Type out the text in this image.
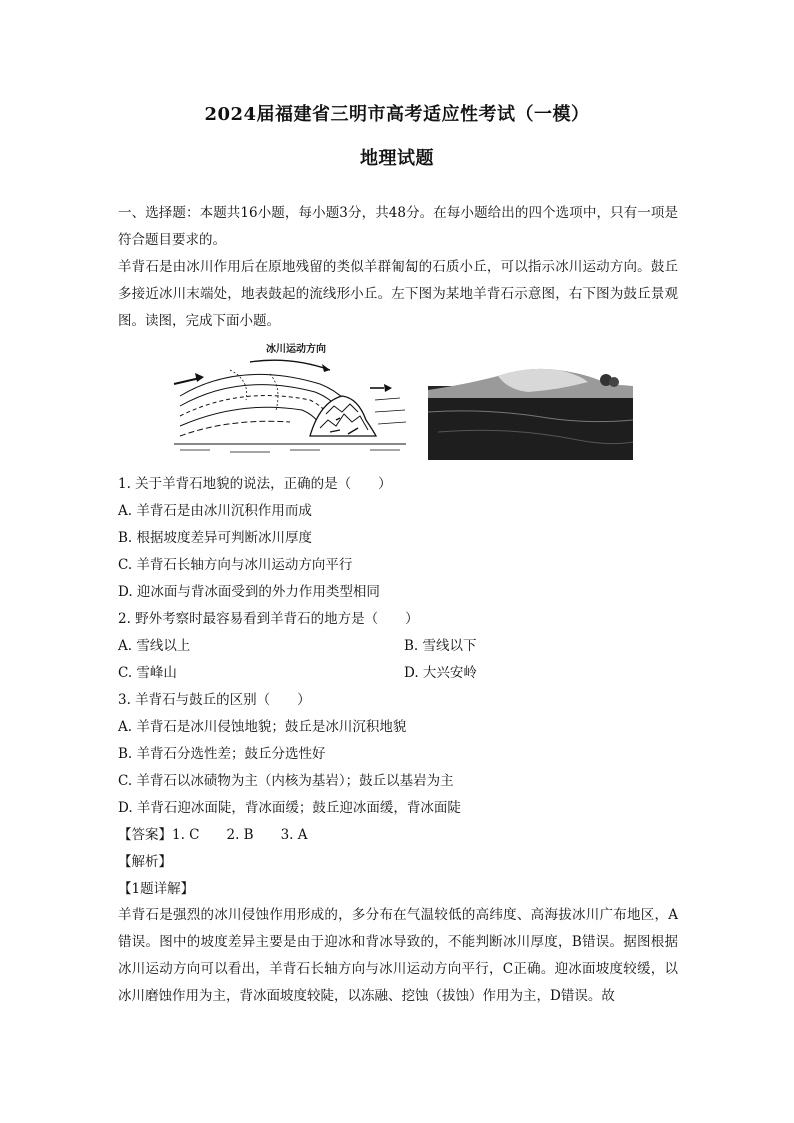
2024届福建省三明市高考适应性考试（一模）
地理试题
一、选择题：本题共16小题，每小题3分，共48分。在每小题给出的四个选项中，只有一项是符合题目要求的。
羊背石是由冰川作用后在原地残留的类似羊群匍匐的石质小丘，可以指示冰川运动方向。鼓丘多接近冰川末端处，地表鼓起的流线形小丘。左下图为某地羊背石示意图，右下图为鼓丘景观图。读图，完成下面小题。
冰川运动方向
1. 关于羊背石地貌的说法，正确的是（　　）
A. 羊背石是由冰川沉积作用而成
B. 根据坡度差异可判断冰川厚度
C. 羊背石长轴方向与冰川运动方向平行
D. 迎冰面与背冰面受到的外力作用类型相同
2. 野外考察时最容易看到羊背石的地方是（　　）
A. 雪线以上	B. 雪线以下
C. 雪峰山	D. 大兴安岭
3. 羊背石与鼓丘的区别（　　）
A. 羊背石是冰川侵蚀地貌；鼓丘是冰川沉积地貌
B. 羊背石分选性差；鼓丘分选性好
C. 羊背石以冰碛物为主（内核为基岩）；鼓丘以基岩为主
D. 羊背石迎冰面陡，背冰面缓；鼓丘迎冰面缓，背冰面陡
【答案】1. C　　2. B　　3. A
【解析】
【1题详解】
羊背石是强烈的冰川侵蚀作用形成的，多分布在气温较低的高纬度、高海拔冰川广布地区，A错误。图中的坡度差异主要是由于迎冰和背冰导致的，不能判断冰川厚度，B错误。据图根据冰川运动方向可以看出，羊背石长轴方向与冰川运动方向平行，C正确。迎冰面坡度较缓，以冰川磨蚀作用为主，背冰面坡度较陡，以冻融、挖蚀（拔蚀）作用为主，D错误。故
